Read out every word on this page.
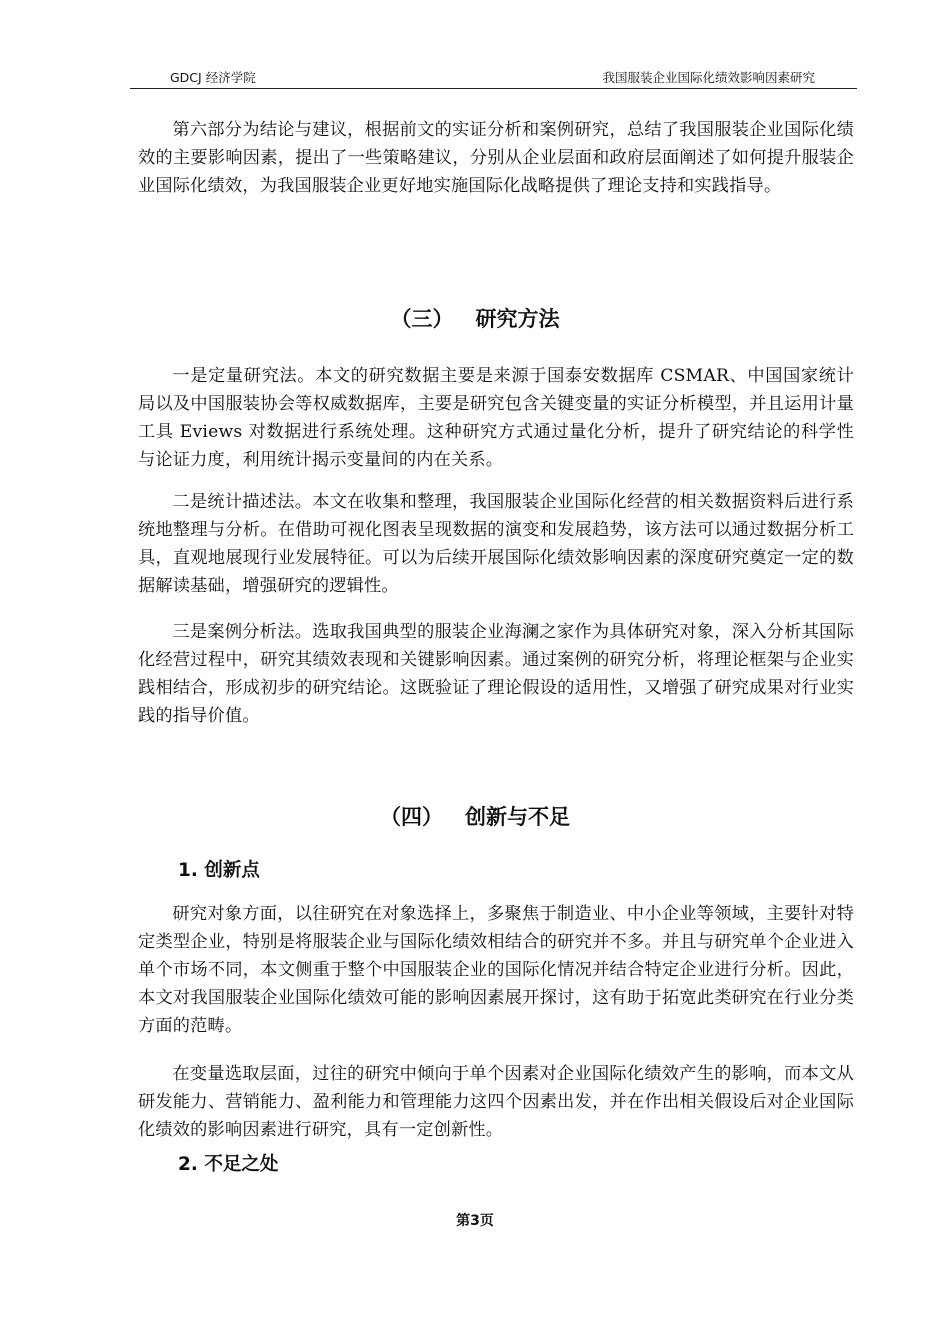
GDCJ 经济学院	我国服装企业国际化绩效影响因素研究

第六部分为结论与建议，根据前文的实证分析和案例研究，总结了我国服装企业国际化绩效的主要影响因素，提出了一些策略建议，分别从企业层面和政府层面阐述了如何提升服装企业国际化绩效，为我国服装企业更好地实施国际化战略提供了理论支持和实践指导。

（三） 研究方法

一是定量研究法。本文的研究数据主要是来源于国泰安数据库 CSMAR、中国国家统计局以及中国服装协会等权威数据库，主要是研究包含关键变量的实证分析模型，并且运用计量工具 Eviews 对数据进行系统处理。这种研究方式通过量化分析，提升了研究结论的科学性与论证力度，利用统计揭示变量间的内在关系。

二是统计描述法。本文在收集和整理，我国服装企业国际化经营的相关数据资料后进行系统地整理与分析。在借助可视化图表呈现数据的演变和发展趋势，该方法可以通过数据分析工具，直观地展现行业发展特征。可以为后续开展国际化绩效影响因素的深度研究奠定一定的数据解读基础，增强研究的逻辑性。

三是案例分析法。选取我国典型的服装企业海澜之家作为具体研究对象，深入分析其国际化经营过程中，研究其绩效表现和关键影响因素。通过案例的研究分析，将理论框架与企业实践相结合，形成初步的研究结论。这既验证了理论假设的适用性，又增强了研究成果对行业实践的指导价值。

（四） 创新与不足
1. 创新点

研究对象方面，以往研究在对象选择上，多聚焦于制造业、中小企业等领域，主要针对特定类型企业，特别是将服装企业与国际化绩效相结合的研究并不多。并且与研究单个企业进入单个市场不同，本文侧重于整个中国服装企业的国际化情况并结合特定企业进行分析。因此，本文对我国服装企业国际化绩效可能的影响因素展开探讨，这有助于拓宽此类研究在行业分类方面的范畴。

在变量选取层面，过往的研究中倾向于单个因素对企业国际化绩效产生的影响，而本文从研发能力、营销能力、盈利能力和管理能力这四个因素出发，并在作出相关假设后对企业国际化绩效的影响因素进行研究，具有一定创新性。

2. 不足之处
第3页
